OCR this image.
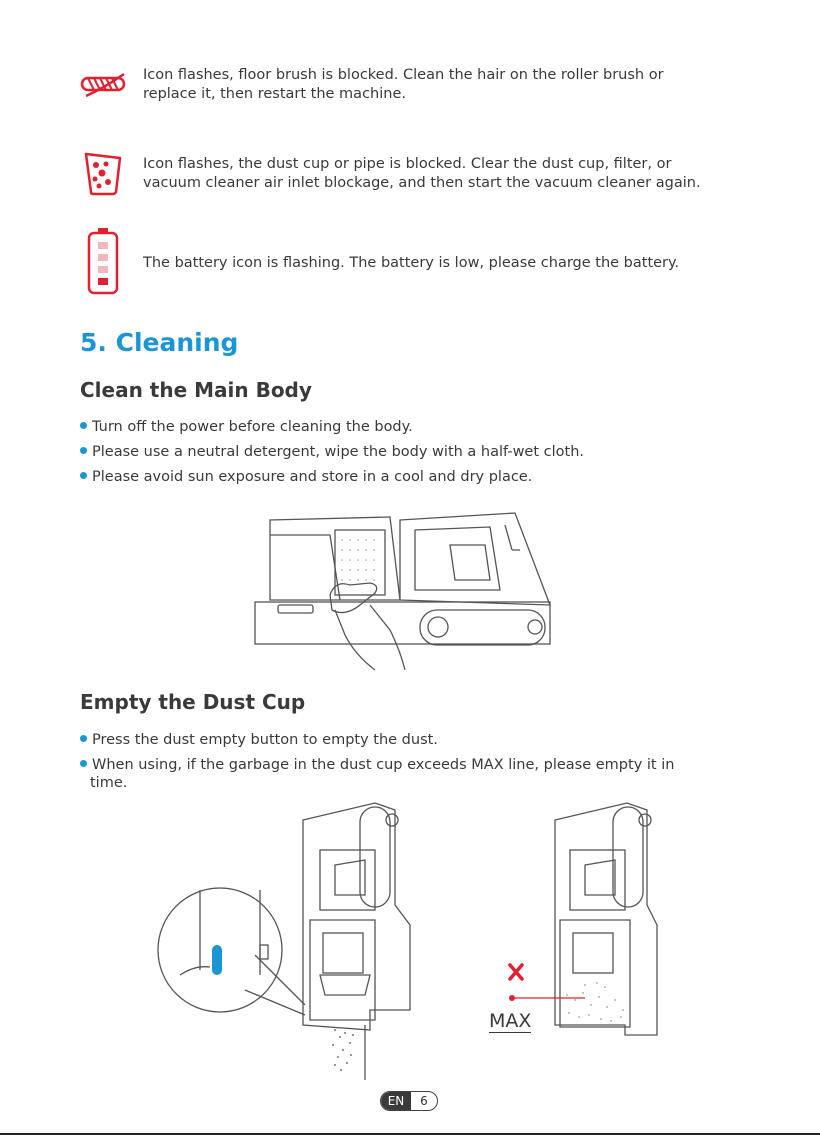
Icon flashes, floor brush is blocked. Clean the hair on the roller brush or
replace it, then restart the machine.
Icon flashes, the dust cup or pipe is blocked. Clear the dust cup, filter, or
vacuum cleaner air inlet blockage, and then start the vacuum cleaner again.
The battery icon is flashing. The battery is low, please charge the battery.
5. Cleaning
Clean the Main Body
Turn off the power before cleaning the body.
Please use a neutral detergent, wipe the body with a half-wet cloth.
Please avoid sun exposure and store in a cool and dry place.
Empty the Dust Cup
Press the dust empty button to empty the dust.
When using, if the garbage in the dust cup exceeds MAX line, please empty it in
time.
MAX
EN	6
